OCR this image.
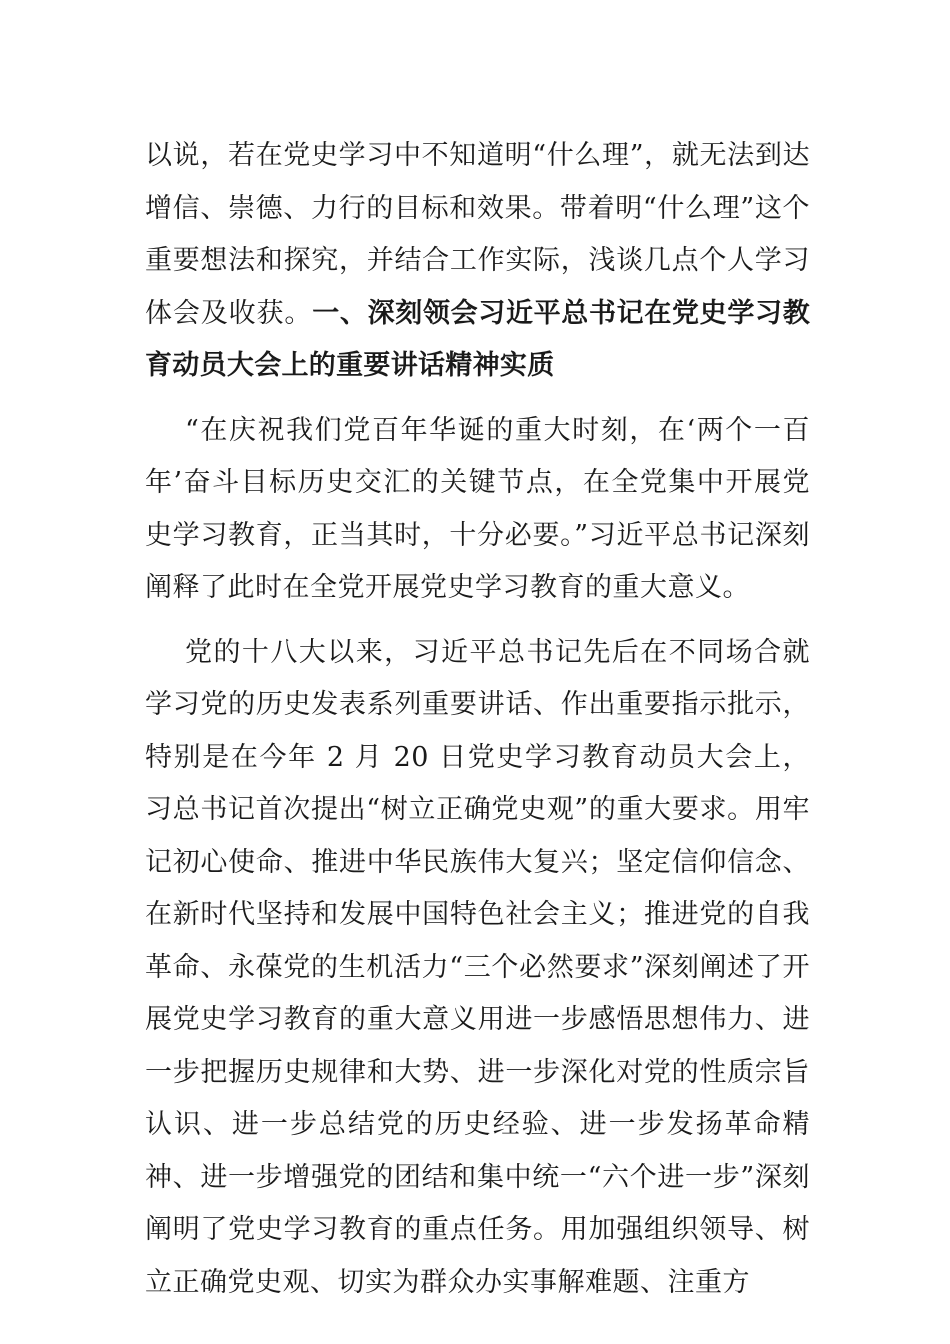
以说，若在党史学习中不知道明“什么理”，就无法到达增信、崇德、力行的目标和效果。带着明“什么理”这个重要想法和探究，并结合工作实际，浅谈几点个人学习体会及收获。一、深刻领会习近平总书记在党史学习教育动员大会上的重要讲话精神实质

“在庆祝我们党百年华诞的重大时刻，在‘两个一百年’奋斗目标历史交汇的关键节点，在全党集中开展党史学习教育，正当其时，十分必要。”习近平总书记深刻阐释了此时在全党开展党史学习教育的重大意义。

党的十八大以来，习近平总书记先后在不同场合就学习党的历史发表系列重要讲话、作出重要指示批示，特别是在今年 2 月 20 日党史学习教育动员大会上，习总书记首次提出“树立正确党史观”的重大要求。用牢记初心使命、推进中华民族伟大复兴；坚定信仰信念、在新时代坚持和发展中国特色社会主义；推进党的自我革命、永葆党的生机活力“三个必然要求”深刻阐述了开展党史学习教育的重大意义用进一步感悟思想伟力、进一步把握历史规律和大势、进一步深化对党的性质宗旨认识、进一步总结党的历史经验、进一步发扬革命精神、进一步增强党的团结和集中统一“六个进一步”深刻阐明了党史学习教育的重点任务。用加强组织领导、树立正确党史观、切实为群众办实事解难题、注重方
